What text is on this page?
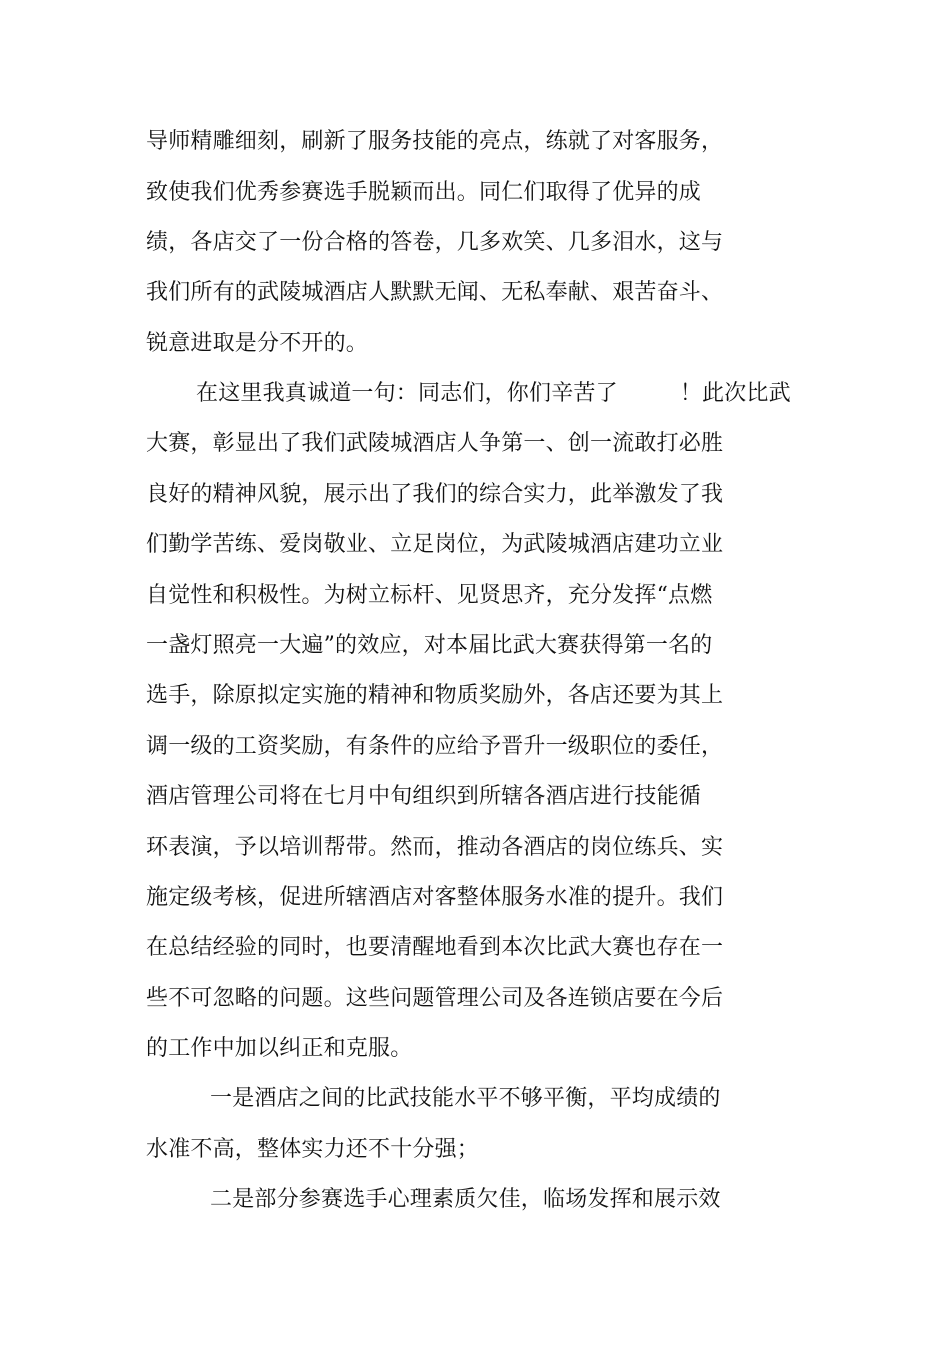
导师精雕细刻，刷新了服务技能的亮点，练就了对客服务，
致使我们优秀参赛选手脱颖而出。同仁们取得了优异的成
绩，各店交了一份合格的答卷，几多欢笑、几多泪水，这与
我们所有的武陵城酒店人默默无闻、无私奉献、艰苦奋斗、
锐意进取是分不开的。
在这里我真诚道一句：同志们，你们辛苦了	！此次比武
大赛，彰显出了我们武陵城酒店人争第一、创一流敢打必胜
良好的精神风貌，展示出了我们的综合实力，此举激发了我
们勤学苦练、爱岗敬业、立足岗位，为武陵城酒店建功立业
自觉性和积极性。为树立标杆、见贤思齐，充分发挥“点燃
一盏灯照亮一大遍”的效应，对本届比武大赛获得第一名的
选手，除原拟定实施的精神和物质奖励外，各店还要为其上
调一级的工资奖励，有条件的应给予晋升一级职位的委任，
酒店管理公司将在七月中旬组织到所辖各酒店进行技能循
环表演，予以培训帮带。然而，推动各酒店的岗位练兵、实
施定级考核，促进所辖酒店对客整体服务水准的提升。我们
在总结经验的同时，也要清醒地看到本次比武大赛也存在一
些不可忽略的问题。这些问题管理公司及各连锁店要在今后
的工作中加以纠正和克服。
一是酒店之间的比武技能水平不够平衡，平均成绩的
水准不高，整体实力还不十分强；
二是部分参赛选手心理素质欠佳，临场发挥和展示效
